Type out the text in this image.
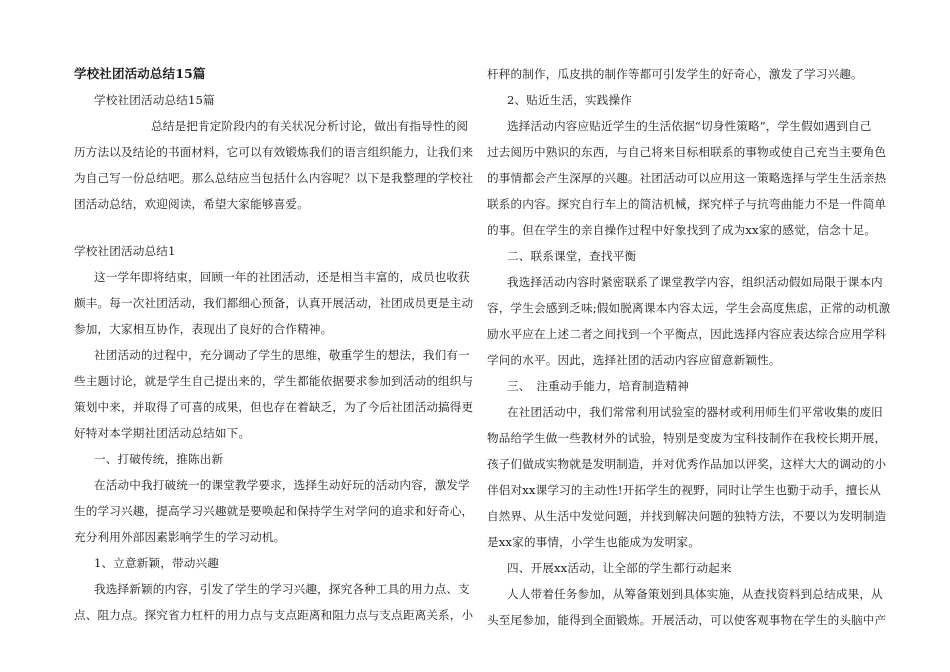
学校社团活动总结15篇
学校社团活动总结15篇
总结是把肯定阶段内的有关状况分析讨论，做出有指导性的阅
历方法以及结论的书面材料，它可以有效锻炼我们的语言组织能力，让我们来
为自己写一份总结吧。那么总结应当包括什么内容呢？以下是我整理的学校社
团活动总结，欢迎阅读，希望大家能够喜爱。
学校社团活动总结1
这一学年即将结束，回顾一年的社团活动，还是相当丰富的，成员也收获
颇丰。每一次社团活动，我们都细心预备，认真开展活动，社团成员更是主动
参加，大家相互协作，表现出了良好的合作精神。
社团活动的过程中，充分调动了学生的思维，敬重学生的想法，我们有一
些主题讨论，就是学生自己提出来的，学生都能依据要求参加到活动的组织与
策划中来，并取得了可喜的成果，但也存在着缺乏，为了今后社团活动搞得更
好特对本学期社团活动总结如下。
一、打破传统，推陈出新
在活动中我打破统一的课堂教学要求，选择生动好玩的活动内容，激发学
生的学习兴趣，提高学习兴趣就是要唤起和保持学生对学问的追求和好奇心，
充分利用外部因素影响学生的学习动机。
1、立意新颖，带动兴趣
我选择新颖的内容，引发了学生的学习兴趣，探究各种工具的用力点、支
点、阻力点。探究省力杠杆的用力点与支点距离和阻力点与支点距离关系，小
杆秤的制作，瓜皮拱的制作等都可引发学生的好奇心，激发了学习兴趣。
2、贴近生活，实践操作
选择活动内容应贴近学生的生活依据“切身性策略”，学生假如遇到自己
过去阅历中熟识的东西，与自己将来目标相联系的事物或使自己充当主要角色
的事情都会产生深厚的兴趣。社团活动可以应用这一策略选择与学生生活亲热
联系的内容。探究自行车上的简洁机械，探究样子与抗弯曲能力不是一件简单
的事。但在学生的亲自操作过程中好象找到了成为xx家的感觉，信念十足。
二、联系课堂，查找平衡
我选择活动内容时紧密联系了课堂教学内容，组织活动假如局限于课本内
容，学生会感到乏味;假如脱离课本内容太远，学生会高度焦虑，正常的动机激
励水平应在上述二者之间找到一个平衡点，因此选择内容应表达综合应用学科
学问的水平。因此，选择社团的活动内容应留意新颖性。
三、　注重动手能力，培育制造精神
在社团活动中，我们常常利用试验室的器材或利用师生们平常收集的废旧
物品给学生做一些教材外的试验，特别是变废为宝科技制作在我校长期开展，
孩子们做成实物就是发明制造，并对优秀作品加以评奖，这样大大的调动的小
伴侣对xx课学习的主动性!开拓学生的视野，同时让学生也勤于动手，擅长从
自然界、从生活中发觉问题，并找到解决问题的独特方法，不要以为发明制造
是xx家的事情，小学生也能成为发明家。
四、开展xx活动，让全部的学生都行动起来
人人带着任务参加，从筹备策划到具体实施，从查找资料到总结成果，从
头至尾参加，能得到全面锻炼。开展活动，可以使客观事物在学生的头脑中产
